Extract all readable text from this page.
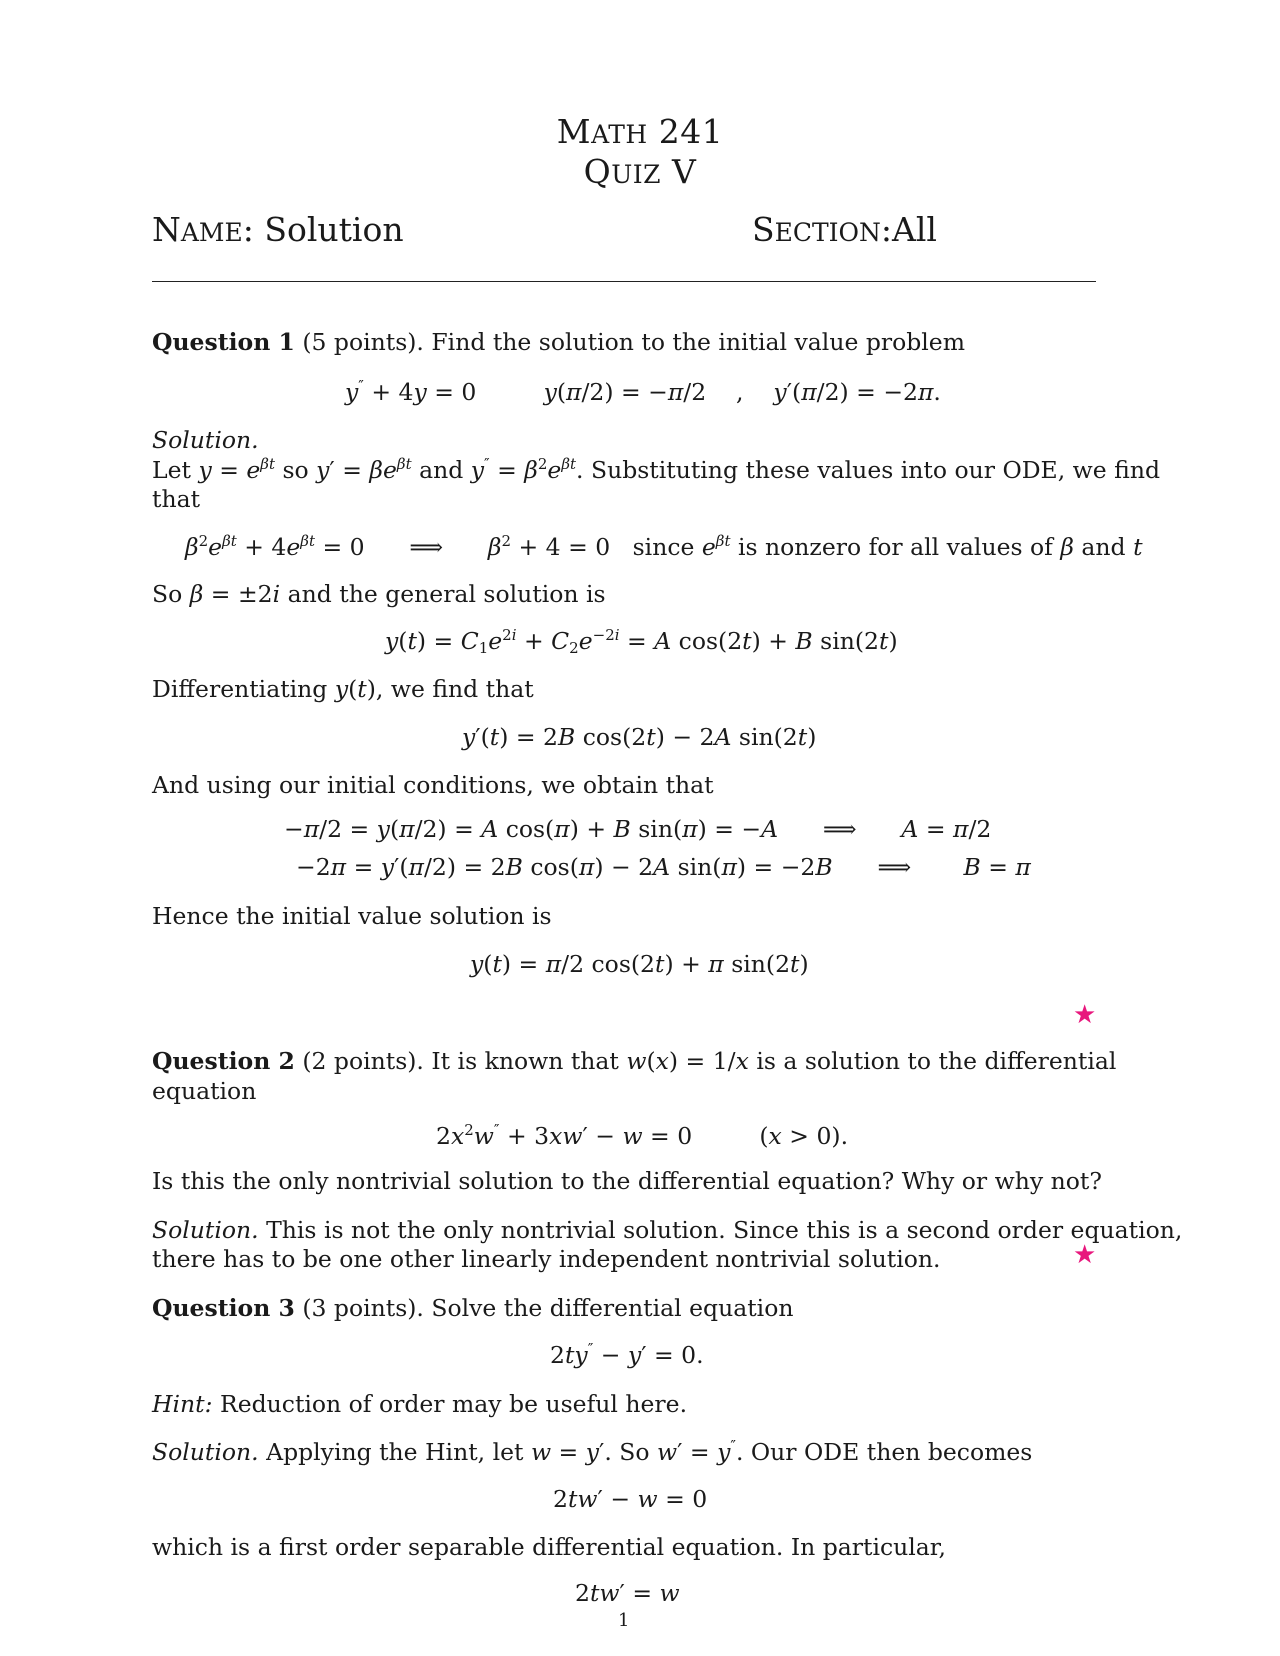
MATH 241
QUIZ V
NAME: Solution	SECTION:All
Question 1 (5 points). Find the solution to the initial value problem
y″ + 4y = 0         y(π/2) = −π/2    ,    y′(π/2) = −2π.
Solution.
Let $y = e^{\beta t}$ so $y' = \beta e^{\beta t}$ and $y'' = \beta^2e^{\beta t}$. Substituting these values into our ODE, we find
that
$\beta^2e^{\beta t} + 4e^{\beta t} = 0$      ⟹      $\beta^2 + 4 = 0$   since $e^{\beta t}$ is nonzero for all values of β and t
So β = ±2i and the general solution is
$y(t) = C_1e^{2i} + C_2e^{-2i} = A$ cos(2t) + B sin(2t)
Differentiating y(t), we find that
y′(t) = 2B cos(2t) − 2A sin(2t)
And using our initial conditions, we obtain that
−π/2 = y(π/2) = A cos(π) + B sin(π) = −A      ⟹      A = π/2
−2π = y′(π/2) = 2B cos(π) − 2A sin(π) = −2B      ⟹       B = π
Hence the initial value solution is
y(t) = π/2 cos(2t) + π sin(2t)
★
Question 2 (2 points). It is known that w(x) = 1/x is a solution to the differential
equation
$2x^2w'' + 3xw' - w = 0$         (x > 0).
Is this the only nontrivial solution to the differential equation? Why or why not?
Solution. This is not the only nontrivial solution. Since this is a second order equation,
there has to be one other linearly independent nontrivial solution.	★
Question 3 (3 points). Solve the differential equation
2ty″ − y′ = 0.
Hint: Reduction of order may be useful here.
Solution. Applying the Hint, let w = y′. So w′ = y″. Our ODE then becomes
2tw′ − w = 0
which is a first order separable differential equation. In particular,
2tw′ = w
1
